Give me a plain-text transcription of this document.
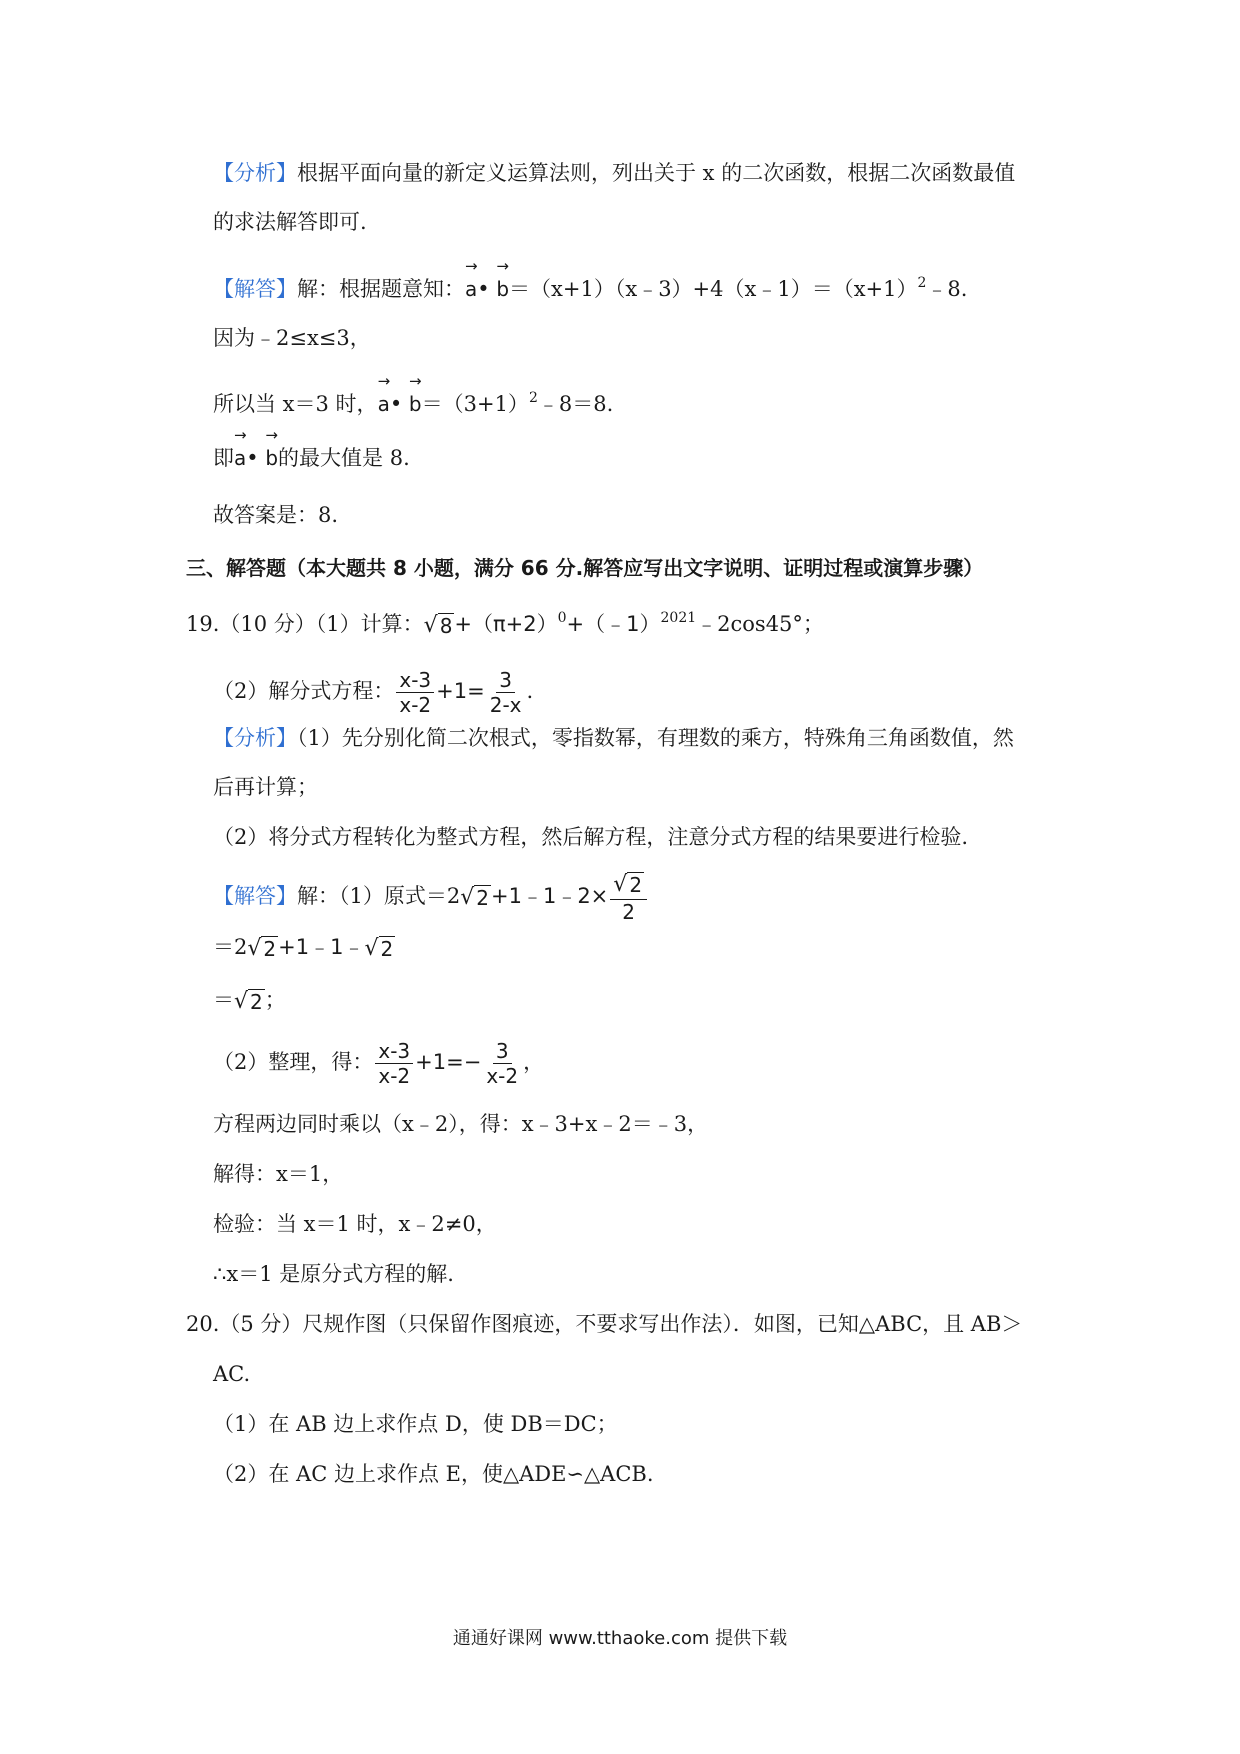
【分析】根据平面向量的新定义运算法则，列出关于 x 的二次函数，根据二次函数最值
的求法解答即可.
【解答】解：根据题意知：
→
a•
→
$b=(x+1)(x﹣3)+4(x﹣1)=(x+1)^2﹣8$.
因为﹣2≤x≤3，
所以当 x＝3 时，
→
a•
→
$b=(3+1)^2﹣8=8$.
即
→
a•
→
b的最大值是 8.
故答案是：8.
三、解答题（本大题共 8 小题，满分 66 分.解答应写出文字说明、证明过程或演算步骤）
19.（10 分）（1）计算： √ $8 +(\pi+2)^0+(﹣1)^{2021}﹣2\cos 45^\circ$；
（2）解分式方程： $\frac{x-3}{x-2} +1= \frac{3}{2-x}$ .
【分析】（1）先分别化简二次根式，零指数幂，有理数的乘方，特殊角三角函数值，然
后再计算；
（2）将分式方程转化为整式方程，然后解方程，注意分式方程的结果要进行检验.
【解答】解：（1）原式＝2 √ 2 +1﹣1﹣2× $\frac{√ 2}{2}$
＝2 √ 2 +1﹣1﹣ √ 2
＝ √ 2 ；
（2）整理，得： $\frac{x-3}{x-2} +1=- \frac{3}{x-2}$ ，
方程两边同时乘以（x﹣2），得：x﹣3+x﹣2＝﹣3，
解得：x＝1，
检验：当 x＝1 时，x﹣2≠0，
∴x＝1 是原分式方程的解.
20.（5 分）尺规作图（只保留作图痕迹，不要求写出作法）．如图，已知△ABC，且 AB＞
AC.
（1）在 AB 边上求作点 D，使 DB＝DC；
（2）在 AC 边上求作点 E，使△ADE∽△ACB.
通通好课网 www.tthaoke.com 提供下载
